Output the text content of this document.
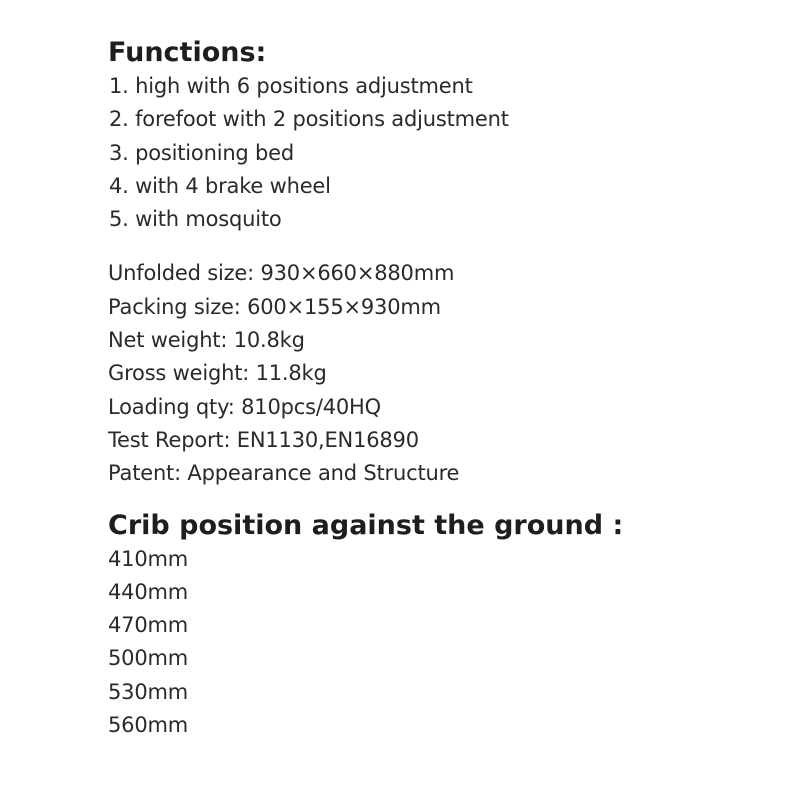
Functions:
1. high with 6 positions adjustment
2. forefoot with 2 positions adjustment
3. positioning bed
4. with 4 brake wheel
5. with mosquito
Unfolded size: 930×660×880mm
Packing size: 600×155×930mm
Net weight: 10.8kg
Gross weight: 11.8kg
Loading qty: 810pcs/40HQ
Test Report: EN1130,EN16890
Patent: Appearance and Structure
Crib position against the ground :
410mm
440mm
470mm
500mm
530mm
560mm
